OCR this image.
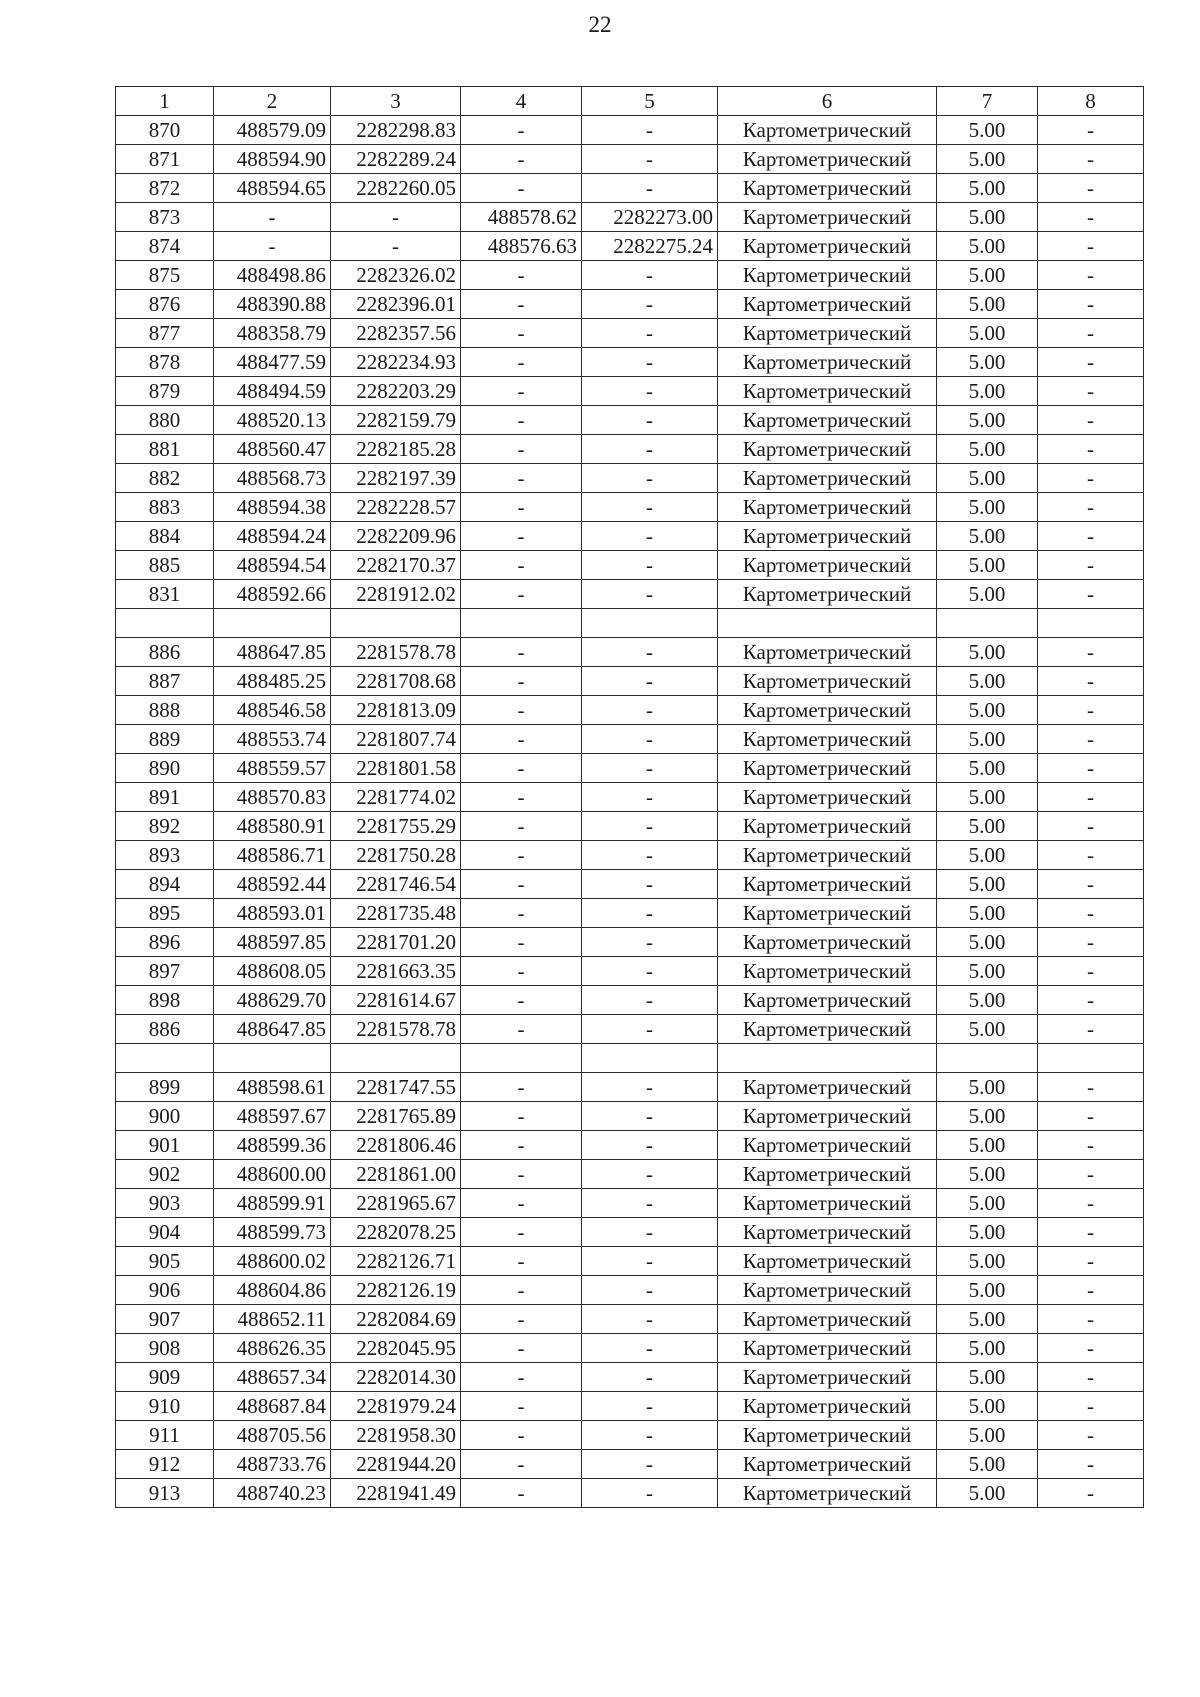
22
1	2	3	4	5	6	7	8
870	488579.09	2282298.83	-	-	Картометрический	5.00	-
871	488594.90	2282289.24	-	-	Картометрический	5.00	-
872	488594.65	2282260.05	-	-	Картометрический	5.00	-
873	-	-	488578.62	2282273.00	Картометрический	5.00	-
874	-	-	488576.63	2282275.24	Картометрический	5.00	-
875	488498.86	2282326.02	-	-	Картометрический	5.00	-
876	488390.88	2282396.01	-	-	Картометрический	5.00	-
877	488358.79	2282357.56	-	-	Картометрический	5.00	-
878	488477.59	2282234.93	-	-	Картометрический	5.00	-
879	488494.59	2282203.29	-	-	Картометрический	5.00	-
880	488520.13	2282159.79	-	-	Картометрический	5.00	-
881	488560.47	2282185.28	-	-	Картометрический	5.00	-
882	488568.73	2282197.39	-	-	Картометрический	5.00	-
883	488594.38	2282228.57	-	-	Картометрический	5.00	-
884	488594.24	2282209.96	-	-	Картометрический	5.00	-
885	488594.54	2282170.37	-	-	Картометрический	5.00	-
831	488592.66	2281912.02	-	-	Картометрический	5.00	-

886	488647.85	2281578.78	-	-	Картометрический	5.00	-
887	488485.25	2281708.68	-	-	Картометрический	5.00	-
888	488546.58	2281813.09	-	-	Картометрический	5.00	-
889	488553.74	2281807.74	-	-	Картометрический	5.00	-
890	488559.57	2281801.58	-	-	Картометрический	5.00	-
891	488570.83	2281774.02	-	-	Картометрический	5.00	-
892	488580.91	2281755.29	-	-	Картометрический	5.00	-
893	488586.71	2281750.28	-	-	Картометрический	5.00	-
894	488592.44	2281746.54	-	-	Картометрический	5.00	-
895	488593.01	2281735.48	-	-	Картометрический	5.00	-
896	488597.85	2281701.20	-	-	Картометрический	5.00	-
897	488608.05	2281663.35	-	-	Картометрический	5.00	-
898	488629.70	2281614.67	-	-	Картометрический	5.00	-
886	488647.85	2281578.78	-	-	Картометрический	5.00	-

899	488598.61	2281747.55	-	-	Картометрический	5.00	-
900	488597.67	2281765.89	-	-	Картометрический	5.00	-
901	488599.36	2281806.46	-	-	Картометрический	5.00	-
902	488600.00	2281861.00	-	-	Картометрический	5.00	-
903	488599.91	2281965.67	-	-	Картометрический	5.00	-
904	488599.73	2282078.25	-	-	Картометрический	5.00	-
905	488600.02	2282126.71	-	-	Картометрический	5.00	-
906	488604.86	2282126.19	-	-	Картометрический	5.00	-
907	488652.11	2282084.69	-	-	Картометрический	5.00	-
908	488626.35	2282045.95	-	-	Картометрический	5.00	-
909	488657.34	2282014.30	-	-	Картометрический	5.00	-
910	488687.84	2281979.24	-	-	Картометрический	5.00	-
911	488705.56	2281958.30	-	-	Картометрический	5.00	-
912	488733.76	2281944.20	-	-	Картометрический	5.00	-
913	488740.23	2281941.49	-	-	Картометрический	5.00	-
